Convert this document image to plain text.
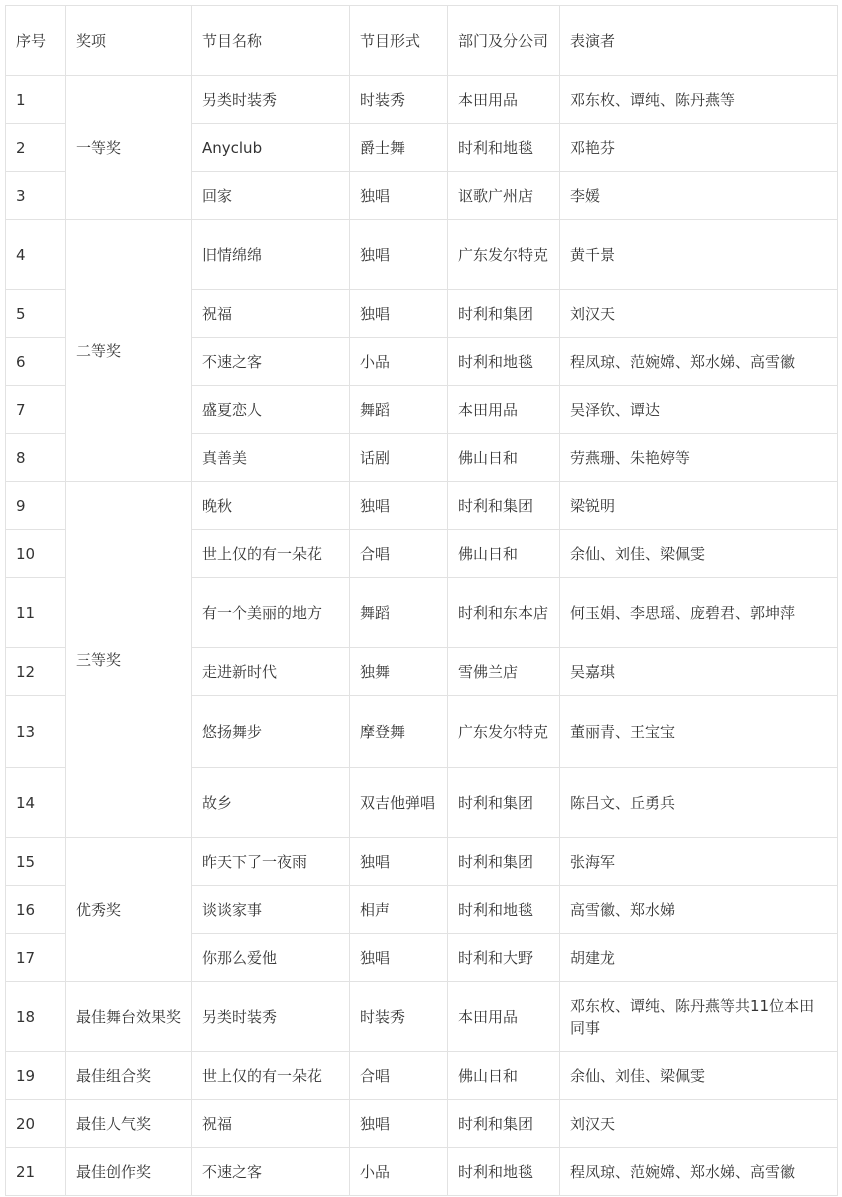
序号	奖项	节目名称	节目形式	部门及分公司	表演者
1	一等奖	另类时装秀	时装秀	本田用品	邓东枚、谭纯、陈丹燕等
2		Anyclub	爵士舞	时利和地毯	邓艳芬
3		回家	独唱	讴歌广州店	李媛
4	二等奖	旧情绵绵	独唱	广东发尔特克	黄千景
5		祝福	独唱	时利和集团	刘汉天
6		不速之客	小品	时利和地毯	程凤琼、范婉嫦、郑水娣、高雪徽
7		盛夏恋人	舞蹈	本田用品	吴泽钦、谭达
8		真善美	话剧	佛山日和	劳燕珊、朱艳婷等
9	三等奖	晚秋	独唱	时利和集团	梁锐明
10		世上仅的有一朵花	合唱	佛山日和	余仙、刘佳、梁佩雯
11		有一个美丽的地方	舞蹈	时利和东本店	何玉娟、李思瑶、庞碧君、郭坤萍
12		走进新时代	独舞	雪佛兰店	吴嘉琪
13		悠扬舞步	摩登舞	广东发尔特克	董丽青、王宝宝
14		故乡	双吉他弹唱	时利和集团	陈吕文、丘勇兵
15	优秀奖	昨天下了一夜雨	独唱	时利和集团	张海军
16		谈谈家事	相声	时利和地毯	高雪徽、郑水娣
17		你那么爱他	独唱	时利和大野	胡建龙
18	最佳舞台效果奖	另类时装秀	时装秀	本田用品	邓东枚、谭纯、陈丹燕等共11位本田同事
19	最佳组合奖	世上仅的有一朵花	合唱	佛山日和	余仙、刘佳、梁佩雯
20	最佳人气奖	祝福	独唱	时利和集团	刘汉天
21	最佳创作奖	不速之客	小品	时利和地毯	程凤琼、范婉嫦、郑水娣、高雪徽
